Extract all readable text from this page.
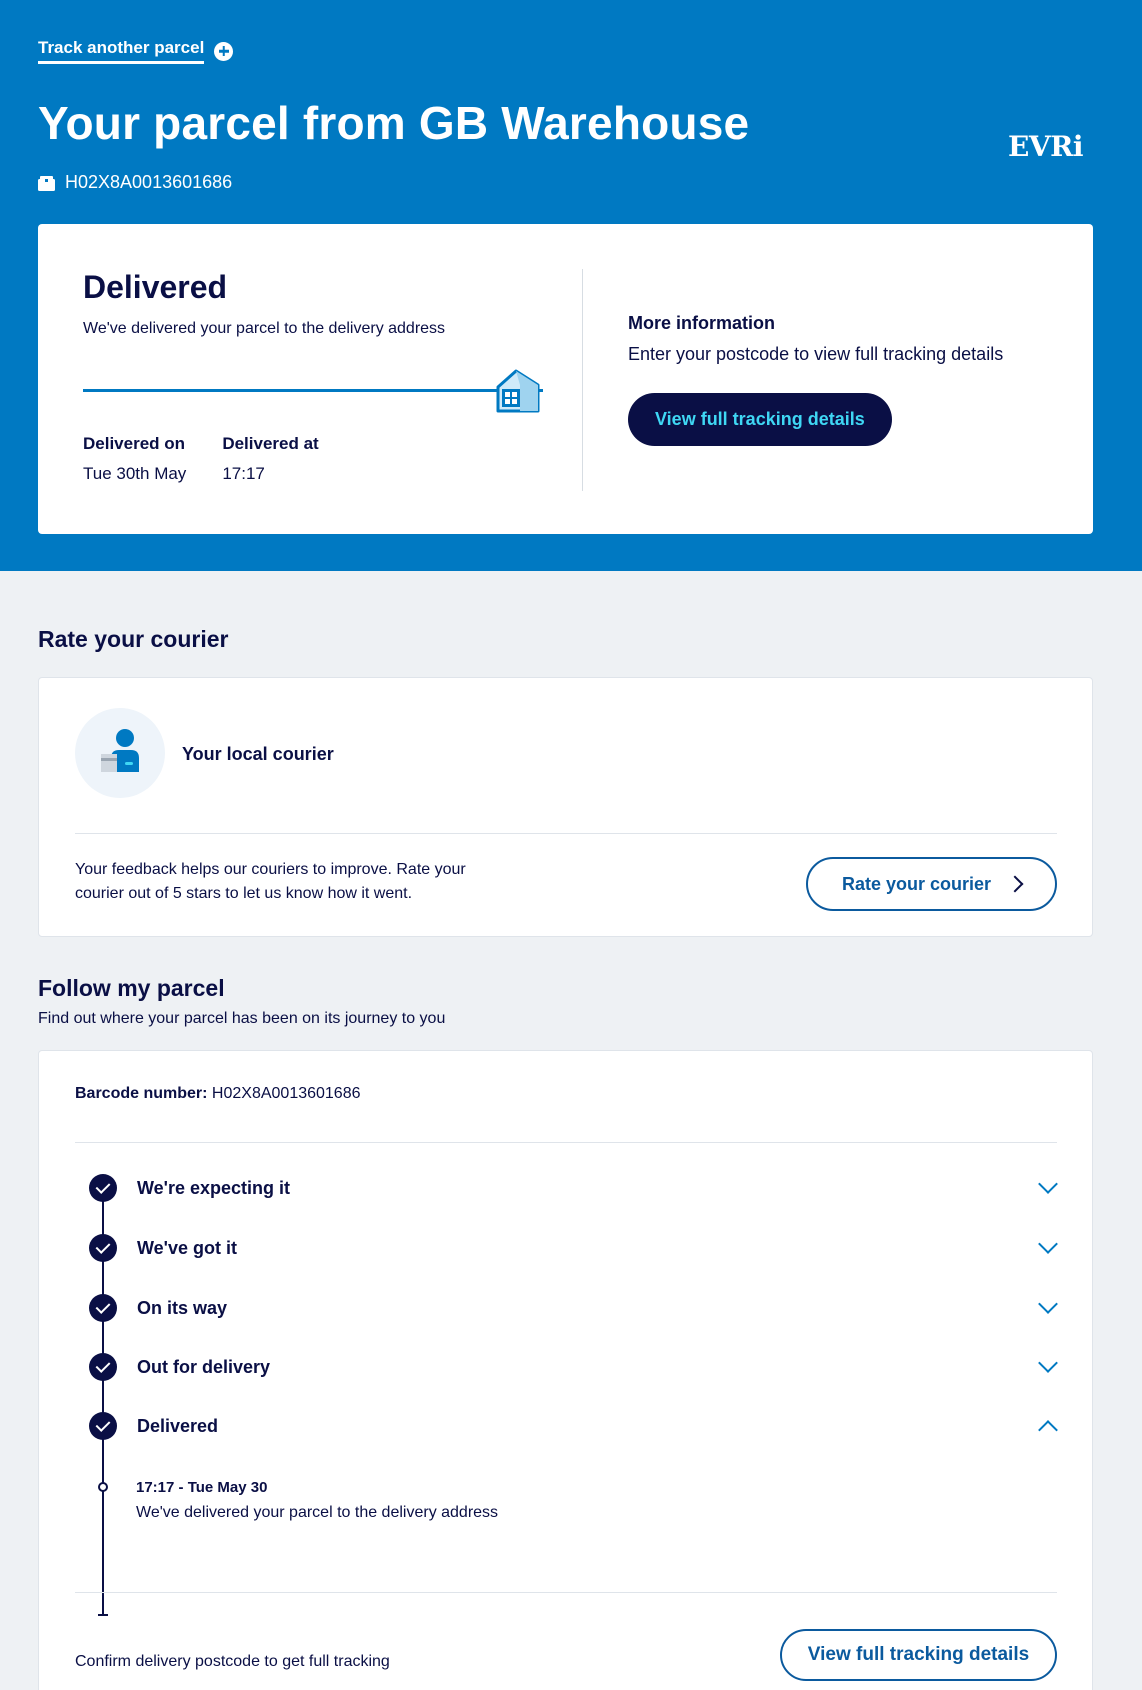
Track another parcel
Your parcel from GB Warehouse
H02X8A0013601686
EVRi
Delivered
We've delivered your parcel to the delivery address
Delivered on
Tue 30th May
Delivered at
17:17
More information
Enter your postcode to view full tracking details
View full tracking details
Rate your courier
Your local courier
Your feedback helps our couriers to improve. Rate your courier out of 5 stars to let us know how it went.	Rate your courier
Follow my parcel
Find out where your parcel has been on its journey to you
Barcode number: H02X8A0013601686
We're expecting it
We've got it
On its way
Out for delivery
Delivered
17:17 - Tue May 30
We've delivered your parcel to the delivery address
Confirm delivery postcode to get full tracking	View full tracking details
